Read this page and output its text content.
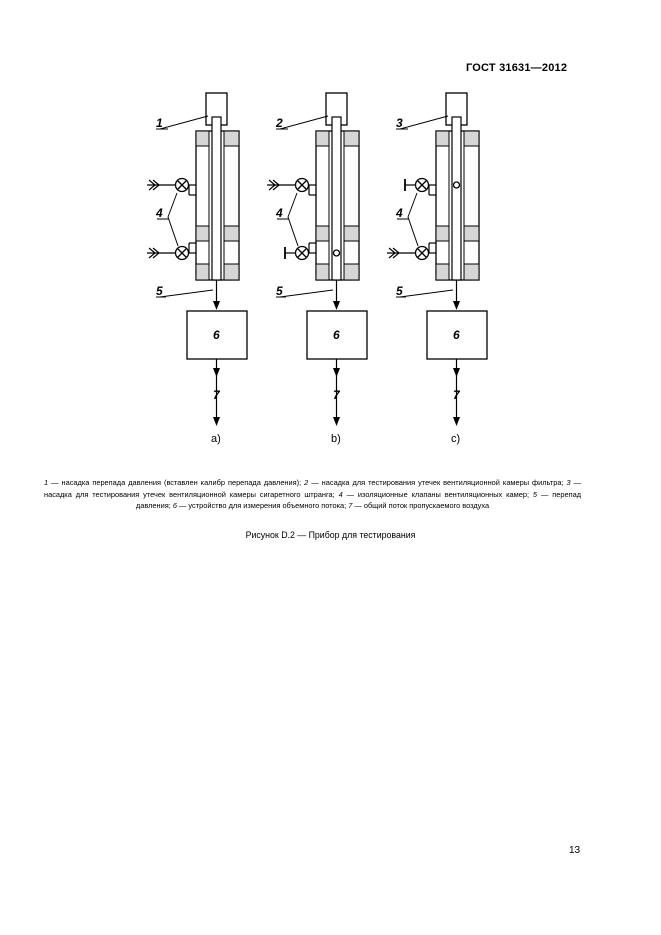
ГОСТ 31631—2012
1
4
5
6
7
a)
2
4
5
6
7
b)
3
4
5
6
7
c)
1 — насадка перепада давления (вставлен калибр перепада давления); 2 — насадка для тестирования утечек вентиляционной камеры фильтра; 3 — насадка для тестирования утечек вентиляционной камеры сигаретного штранга; 4 — изоляционные клапаны вентиляционных камер; 5 — перепад давления; 6 — устройство для измерения объемного потока; 7 — общий поток пропускаемого воздуха
Рисунок D.2 — Прибор для тестирования
13
